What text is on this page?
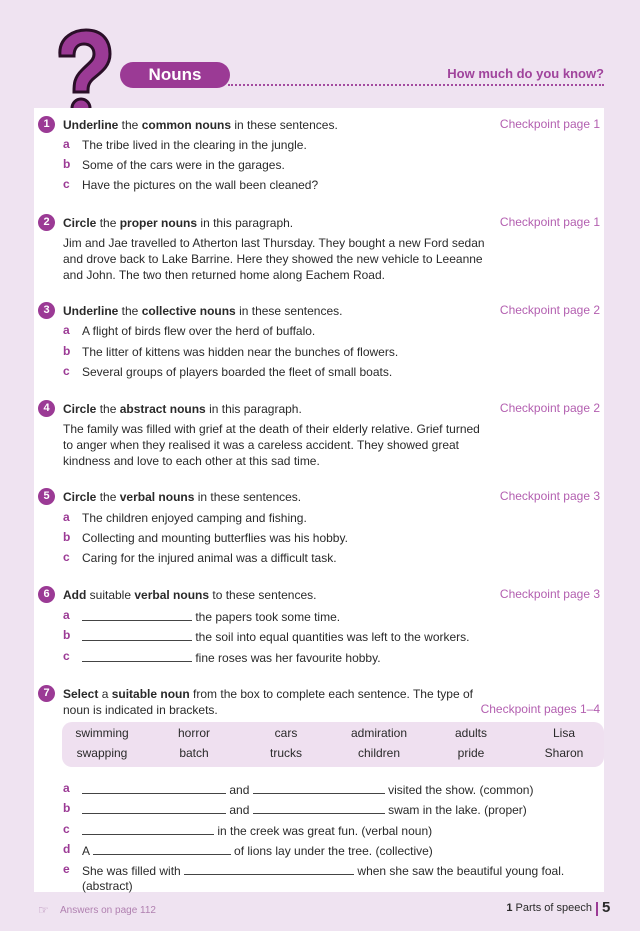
Nouns	How much do you know?
1	Underline the common nouns in these sentences.	Checkpoint page 1
a The tribe lived in the clearing in the jungle.
b Some of the cars were in the garages.
c Have the pictures on the wall been cleaned?
2	Circle the proper nouns in this paragraph.	Checkpoint page 1
Jim and Jae travelled to Atherton last Thursday. They bought a new Ford sedan
and drove back to Lake Barrine. Here they showed the new vehicle to Leeanne
and John. The two then returned home along Eachem Road.
3	Underline the collective nouns in these sentences.	Checkpoint page 2
a A flight of birds flew over the herd of buffalo.
b The litter of kittens was hidden near the bunches of flowers.
c Several groups of players boarded the fleet of small boats.
4	Circle the abstract nouns in this paragraph.	Checkpoint page 2
The family was filled with grief at the death of their elderly relative. Grief turned
to anger when they realised it was a careless accident. They showed great
kindness and love to each other at this sad time.
5	Circle the verbal nouns in these sentences.	Checkpoint page 3
a The children enjoyed camping and fishing.
b Collecting and mounting butterflies was his hobby.
c Caring for the injured animal was a difficult task.
6	Add suitable verbal nouns to these sentences.	Checkpoint page 3
a	the papers took some time.
b	the soil into equal quantities was left to the workers.
c	fine roses was her favourite hobby.
7	Select a suitable noun from the box to complete each sentence. The type of
noun is indicated in brackets.	Checkpoint pages 1–4
swimming	horror	cars	admiration	adults	Lisa
swapping	batch	trucks	children	pride	Sharon
a	and	visited the show. (common)
b	and	swam in the lake. (proper)
c	in the creek was great fun. (verbal noun)
d A	of lions lay under the tree. (collective)
e She was filled with	when she saw the beautiful young foal.
(abstract)
☞ Answers on page 112	1 Parts of speech 5
